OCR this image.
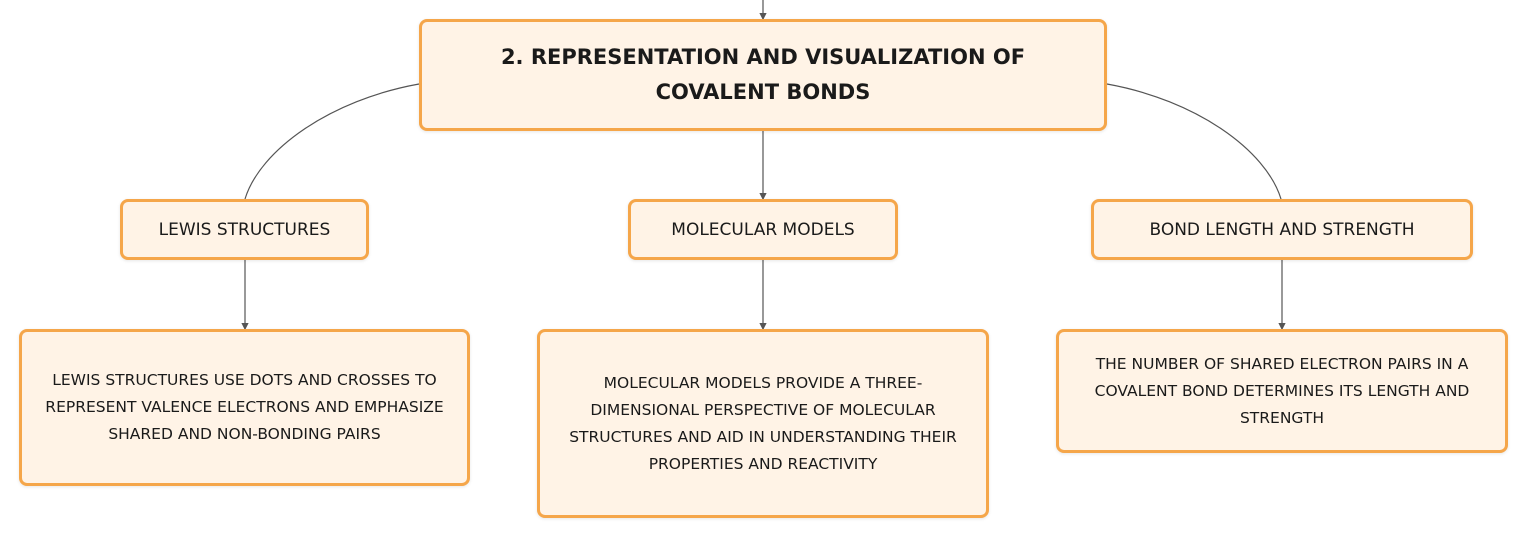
2. REPRESENTATION AND VISUALIZATION OF COVALENT BONDS
LEWIS STRUCTURES	MOLECULAR MODELS	BOND LENGTH AND STRENGTH
LEWIS STRUCTURES USE DOTS AND CROSSES TO REPRESENT VALENCE ELECTRONS AND EMPHASIZE SHARED AND NON-BONDING PAIRS
MOLECULAR MODELS PROVIDE A THREE-DIMENSIONAL PERSPECTIVE OF MOLECULAR STRUCTURES AND AID IN UNDERSTANDING THEIR PROPERTIES AND REACTIVITY
THE NUMBER OF SHARED ELECTRON PAIRS IN A COVALENT BOND DETERMINES ITS LENGTH AND STRENGTH
